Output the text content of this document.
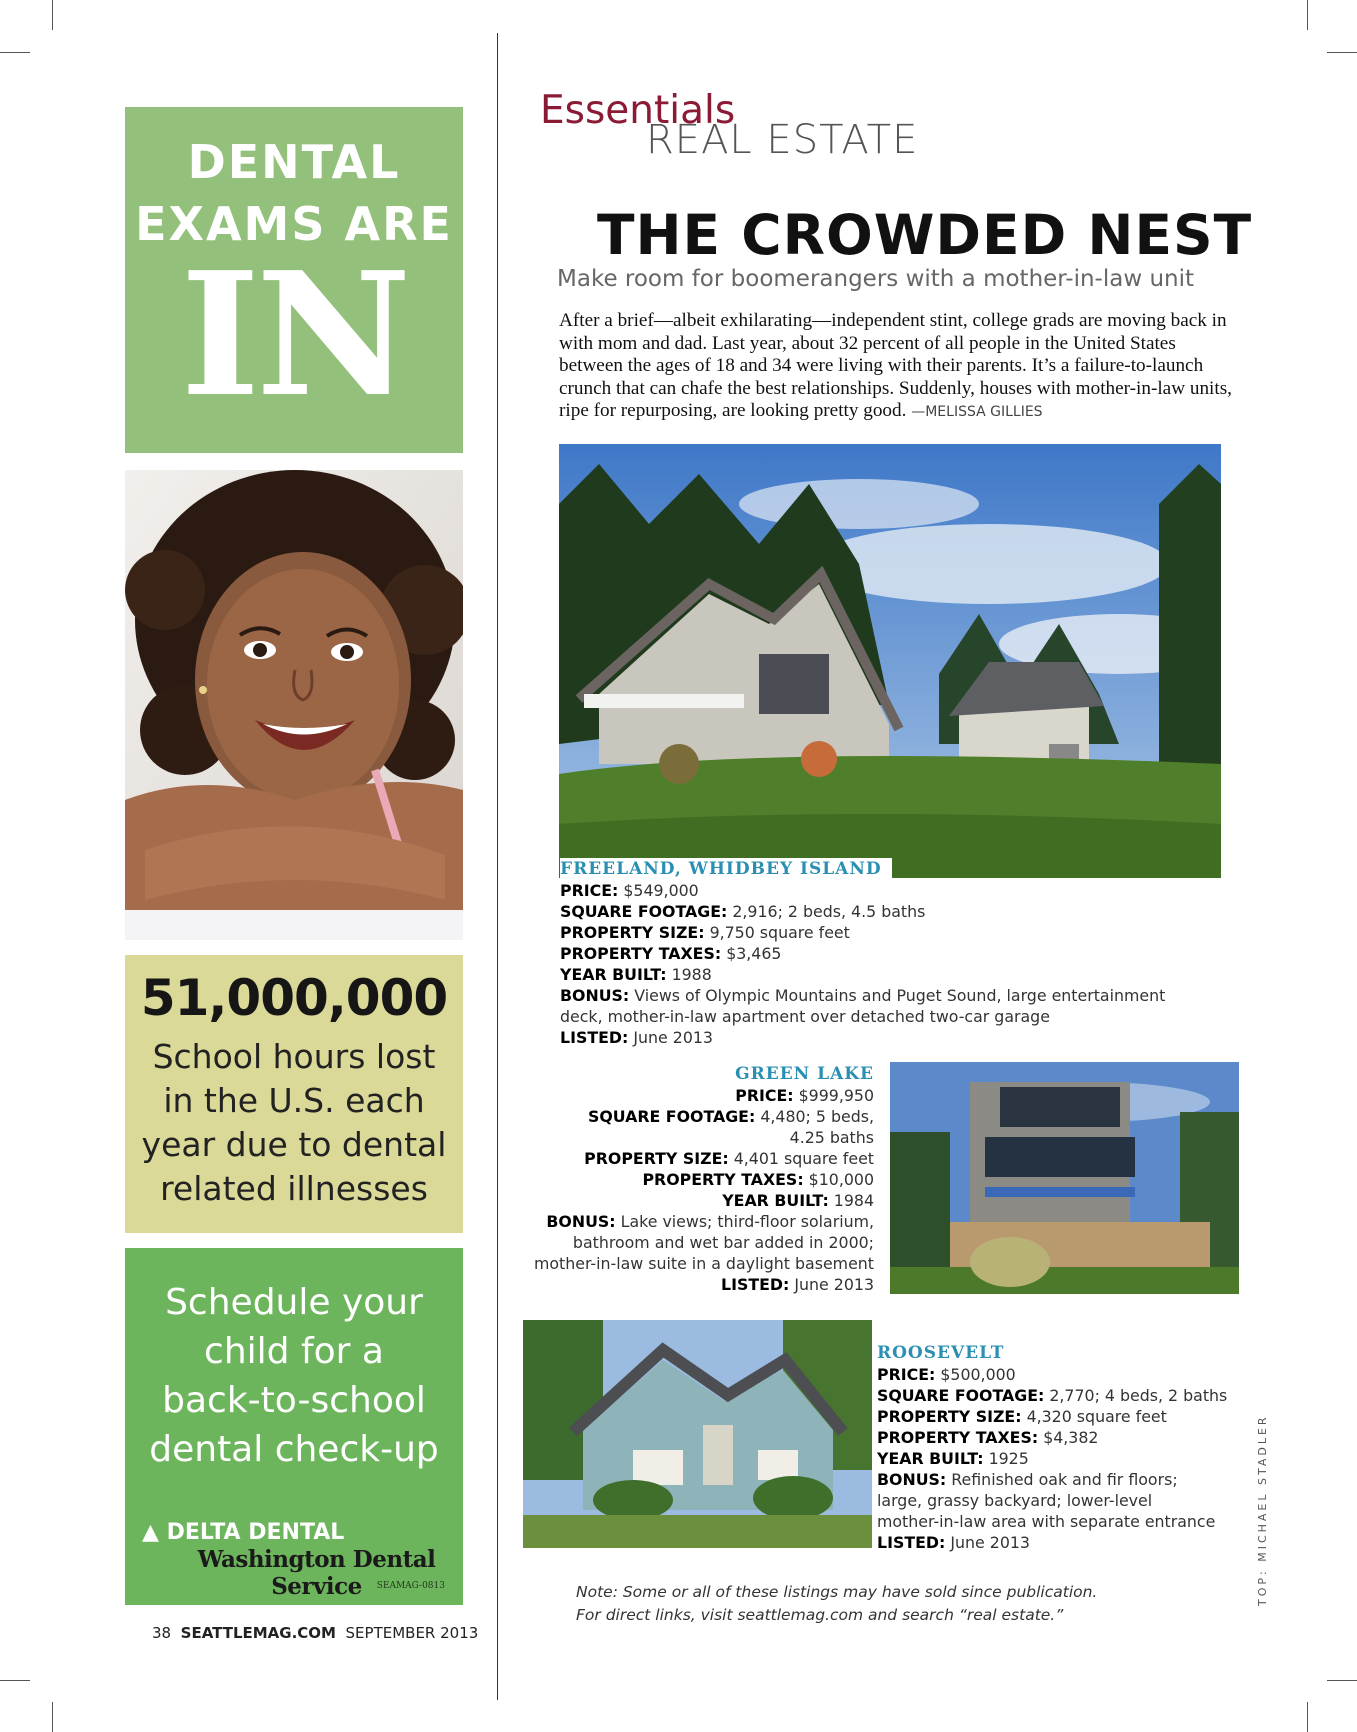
DENTAL
EXAMS ARE
IN
51,000,000
School hours lost
in the U.S. each
year due to dental
related illnesses
Schedule your
child for a
back-to-school
dental check-up
▲ DELTA DENTAL
Washington Dental Service	SEAMAG-0813
38 SEATTLEMAG.COM SEPTEMBER 2013
Essentials
REAL ESTATE
THE CROWDED NEST
Make room for boomerangers with a mother-in-law unit
After a brief—albeit exhilarating—independent stint, college grads are moving back in with mom and dad. Last year, about 32 percent of all people in the United States between the ages of 18 and 34 were living with their parents. It’s a failure-to-launch crunch that can chafe the best relationships. Suddenly, houses with mother-in-law units, ripe for repurposing, are looking pretty good. —MELISSA GILLIES
FREELAND, WHIDBEY ISLAND
PRICE: $549,000
SQUARE FOOTAGE: 2,916; 2 beds, 4.5 baths
PROPERTY SIZE: 9,750 square feet
PROPERTY TAXES: $3,465
YEAR BUILT: 1988
BONUS: Views of Olympic Mountains and Puget Sound, large entertainment deck, mother-in-law apartment over detached two-car garage
LISTED: June 2013
GREEN LAKE
PRICE: $999,950
SQUARE FOOTAGE: 4,480; 5 beds,
4.25 baths
PROPERTY SIZE: 4,401 square feet
PROPERTY TAXES: $10,000
YEAR BUILT: 1984
BONUS: Lake views; third-floor solarium,
bathroom and wet bar added in 2000;
mother-in-law suite in a daylight basement
LISTED: June 2013
ROOSEVELT
PRICE: $500,000
SQUARE FOOTAGE: 2,770; 4 beds, 2 baths
PROPERTY SIZE: 4,320 square feet
PROPERTY TAXES: $4,382
YEAR BUILT: 1925
BONUS: Refinished oak and fir floors;
large, grassy backyard; lower-level
mother-in-law area with separate entrance
LISTED: June 2013
Note: Some or all of these listings may have sold since publication.
For direct links, visit seattlemag.com and search “real estate.”
TOP: MICHAEL STADLER
